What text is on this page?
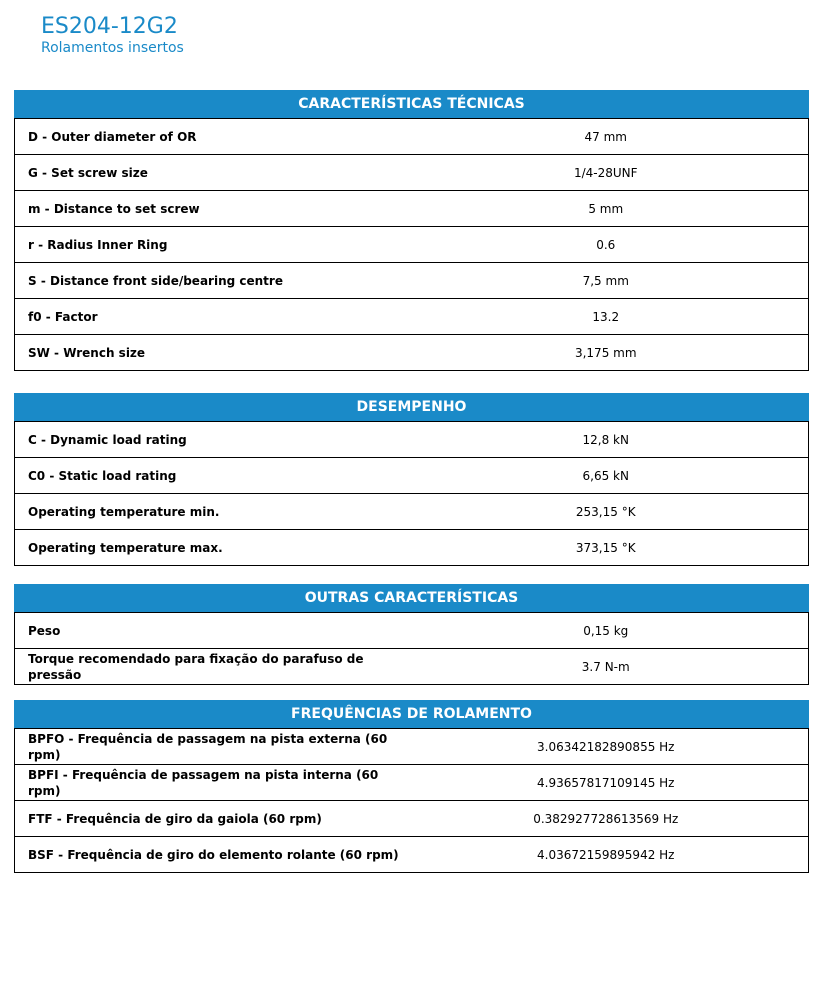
ES204-12G2
Rolamentos insertos
CARACTERÍSTICAS TÉCNICAS
D - Outer diameter of OR	47 mm
G - Set screw size	1/4-28UNF
m - Distance to set screw	5 mm
r - Radius Inner Ring	0.6
S - Distance front side/bearing centre	7,5 mm
f0 - Factor	13.2
SW - Wrench size	3,175 mm
DESEMPENHO
C - Dynamic load rating	12,8 kN
C0 - Static load rating	6,65 kN
Operating temperature min.	253,15 °K
Operating temperature max.	373,15 °K
OUTRAS CARACTERÍSTICAS
Peso	0,15 kg
Torque recomendado para fixação do parafuso de pressão	3.7 N-m
FREQUÊNCIAS DE ROLAMENTO
BPFO - Frequência de passagem na pista externa (60 rpm)	3.06342182890855 Hz
BPFI - Frequência de passagem na pista interna (60 rpm)	4.93657817109145 Hz
FTF - Frequência de giro da gaiola (60 rpm)	0.382927728613569 Hz
BSF - Frequência de giro do elemento rolante (60 rpm)	4.03672159895942 Hz
